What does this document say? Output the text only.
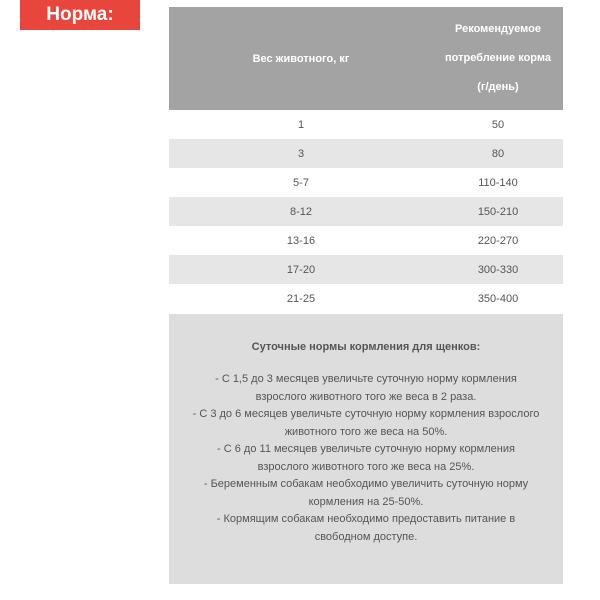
Норма:
Вес животного, кг	Рекомендуемое
потребление корма
(г/день)

1	50
3	80
5-7	110-140
8-12	150-210
13-16	220-270
17-20	300-330
21-25	350-400

Суточные нормы кормления для щенков:

- С 1,5 до 3 месяцев увеличьте суточную норму кормления взрослого животного того же веса в 2 раза.

- С 3 до 6 месяцев увеличьте суточную норму кормления взрослого животного того же веса на 50%.

- С 6 до 11 месяцев увеличьте суточную норму кормления взрослого животного того же веса на 25%.

- Беременным собакам необходимо увеличить суточную норму кормления на 25-50%.

- Кормящим собакам необходимо предоставить питание в свободном доступе.
